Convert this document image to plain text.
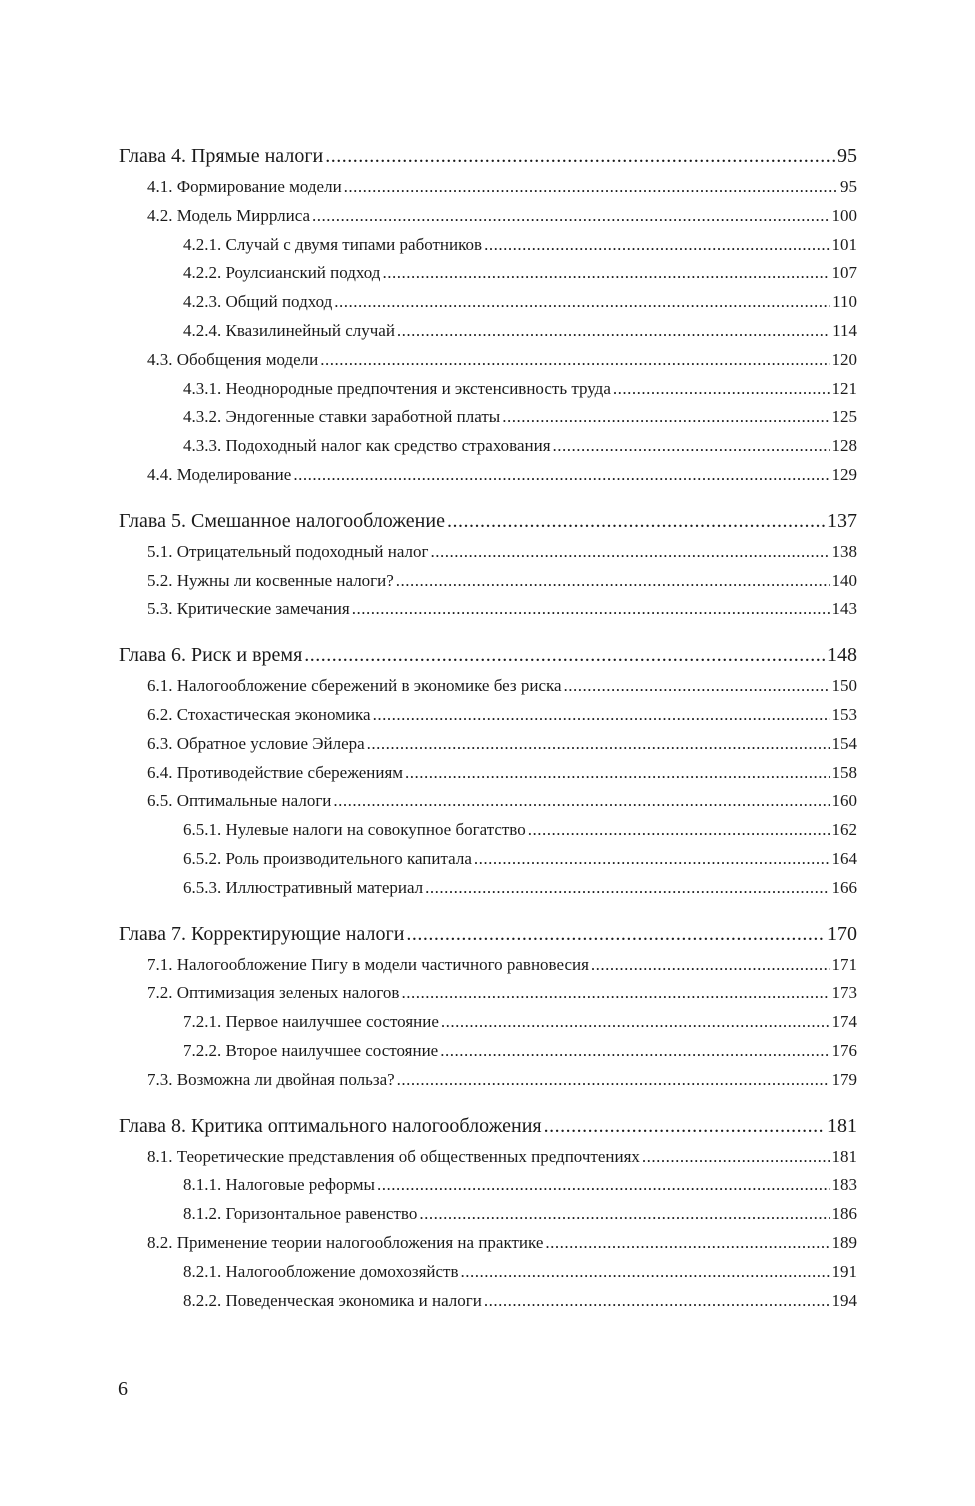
Глава 4. Прямые налоги .....	95
4.1. Формирование модели .....	95
4.2. Модель Миррлиса .....	100
4.2.1. Случай с двумя типами работников .....	101
4.2.2. Роулсианский подход .....	107
4.2.3. Общий подход .....	110
4.2.4. Квазилинейный случай .....	114
4.3. Обобщения модели .....	120
4.3.1. Неоднородные предпочтения и экстенсивность труда .....	121
4.3.2. Эндогенные ставки заработной платы .....	125
4.3.3. Подоходный налог как средство страхования .....	128
4.4. Моделирование .....	129
Глава 5. Смешанное налогообложение .....	137
5.1. Отрицательный подоходный налог .....	138
5.2. Нужны ли косвенные налоги? .....	140
5.3. Критические замечания .....	143
Глава 6. Риск и время .....	148
6.1. Налогообложение сбережений в экономике без риска .....	150
6.2. Стохастическая экономика .....	153
6.3. Обратное условие Эйлера .....	154
6.4. Противодействие сбережениям .....	158
6.5. Оптимальные налоги .....	160
6.5.1. Нулевые налоги на совокупное богатство .....	162
6.5.2. Роль производительного капитала .....	164
6.5.3. Иллюстративный материал .....	166
Глава 7. Корректирующие налоги .....	170
7.1. Налогообложение Пигу в модели частичного равновесия .....	171
7.2. Оптимизация зеленых налогов .....	173
7.2.1. Первое наилучшее состояние .....	174
7.2.2. Второе наилучшее состояние .....	176
7.3. Возможна ли двойная польза? .....	179
Глава 8. Критика оптимального налогообложения .....	181
8.1. Теоретические представления об общественных предпочтениях .....	181
8.1.1. Налоговые реформы .....	183
8.1.2. Горизонтальное равенство .....	186
8.2. Применение теории налогообложения на практике .....	189
8.2.1. Налогообложение домохозяйств .....	191
8.2.2. Поведенческая экономика и налоги .....	194
6
